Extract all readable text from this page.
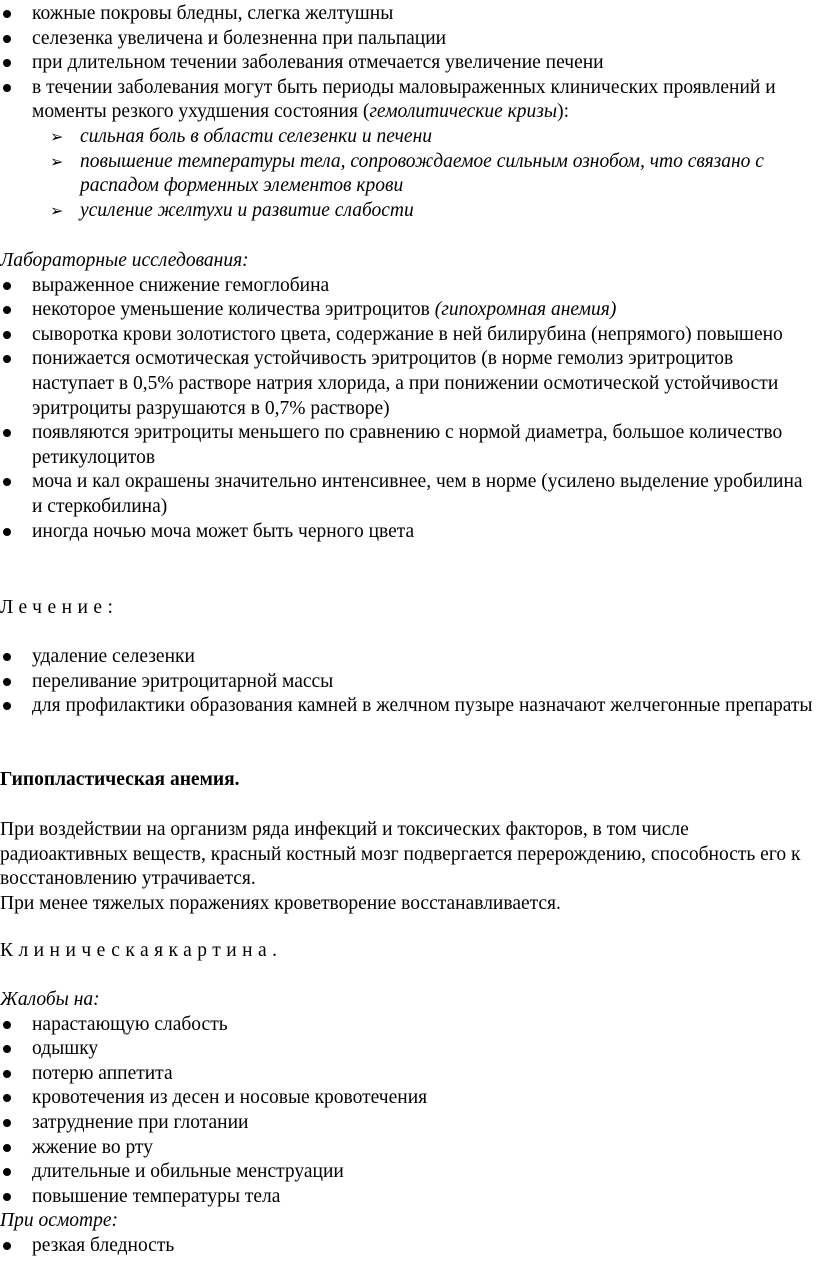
кожные покровы бледны, слегка желтушны
селезенка увеличена и болезненна при пальпации
при длительном течении заболевания отмечается увеличение печени
в течении заболевания могут быть периоды маловыраженных клинических проявлений и моменты резкого ухудшения состояния (гемолитические кризы):
➢ сильная боль в области селезенки и печени
➢ повышение температуры тела, сопровождаемое сильным ознобом, что связано с распадом форменных элементов крови
➢ усиление желтухи и развитие слабости

Лабораторные исследования:

выраженное снижение гемоглобина
некоторое уменьшение количества эритроцитов (гипохромная анемия)
сыворотка крови золотистого цвета, содержание в ней билирубина (непрямого) повышено
понижается осмотическая устойчивость эритроцитов (в норме гемолиз эритроцитов наступает в 0,5% растворе натрия хлорида, а при понижении осмотической устойчивости эритроциты разрушаются в 0,7% растворе)
появляются эритроциты меньшего по сравнению с нормой диаметра, большое количество ретикулоцитов
моча и кал окрашены значительно интенсивнее, чем в норме (усилено выделение уробилина и стеркобилина)
иногда ночью моча может быть черного цвета

Лечение:

удаление селезенки
переливание эритроцитарной массы
для профилактики образования камней в желчном пузыре назначают желчегонные препараты

Гипопластическая анемия.

При воздействии на организм ряда инфекций и токсических факторов, в том числе радиоактивных веществ, красный костный мозг подвергается перерождению, способность его к восстановлению утрачивается.

При менее тяжелых поражениях кроветворение восстанавливается.

Клиническаякартина.

Жалобы на:

нарастающую слабость
одышку
потерю аппетита
кровотечения из десен и носовые кровотечения
затруднение при глотании
жжение во рту
длительные и обильные менструации
повышение температуры тела

При осмотре:

резкая бледность
